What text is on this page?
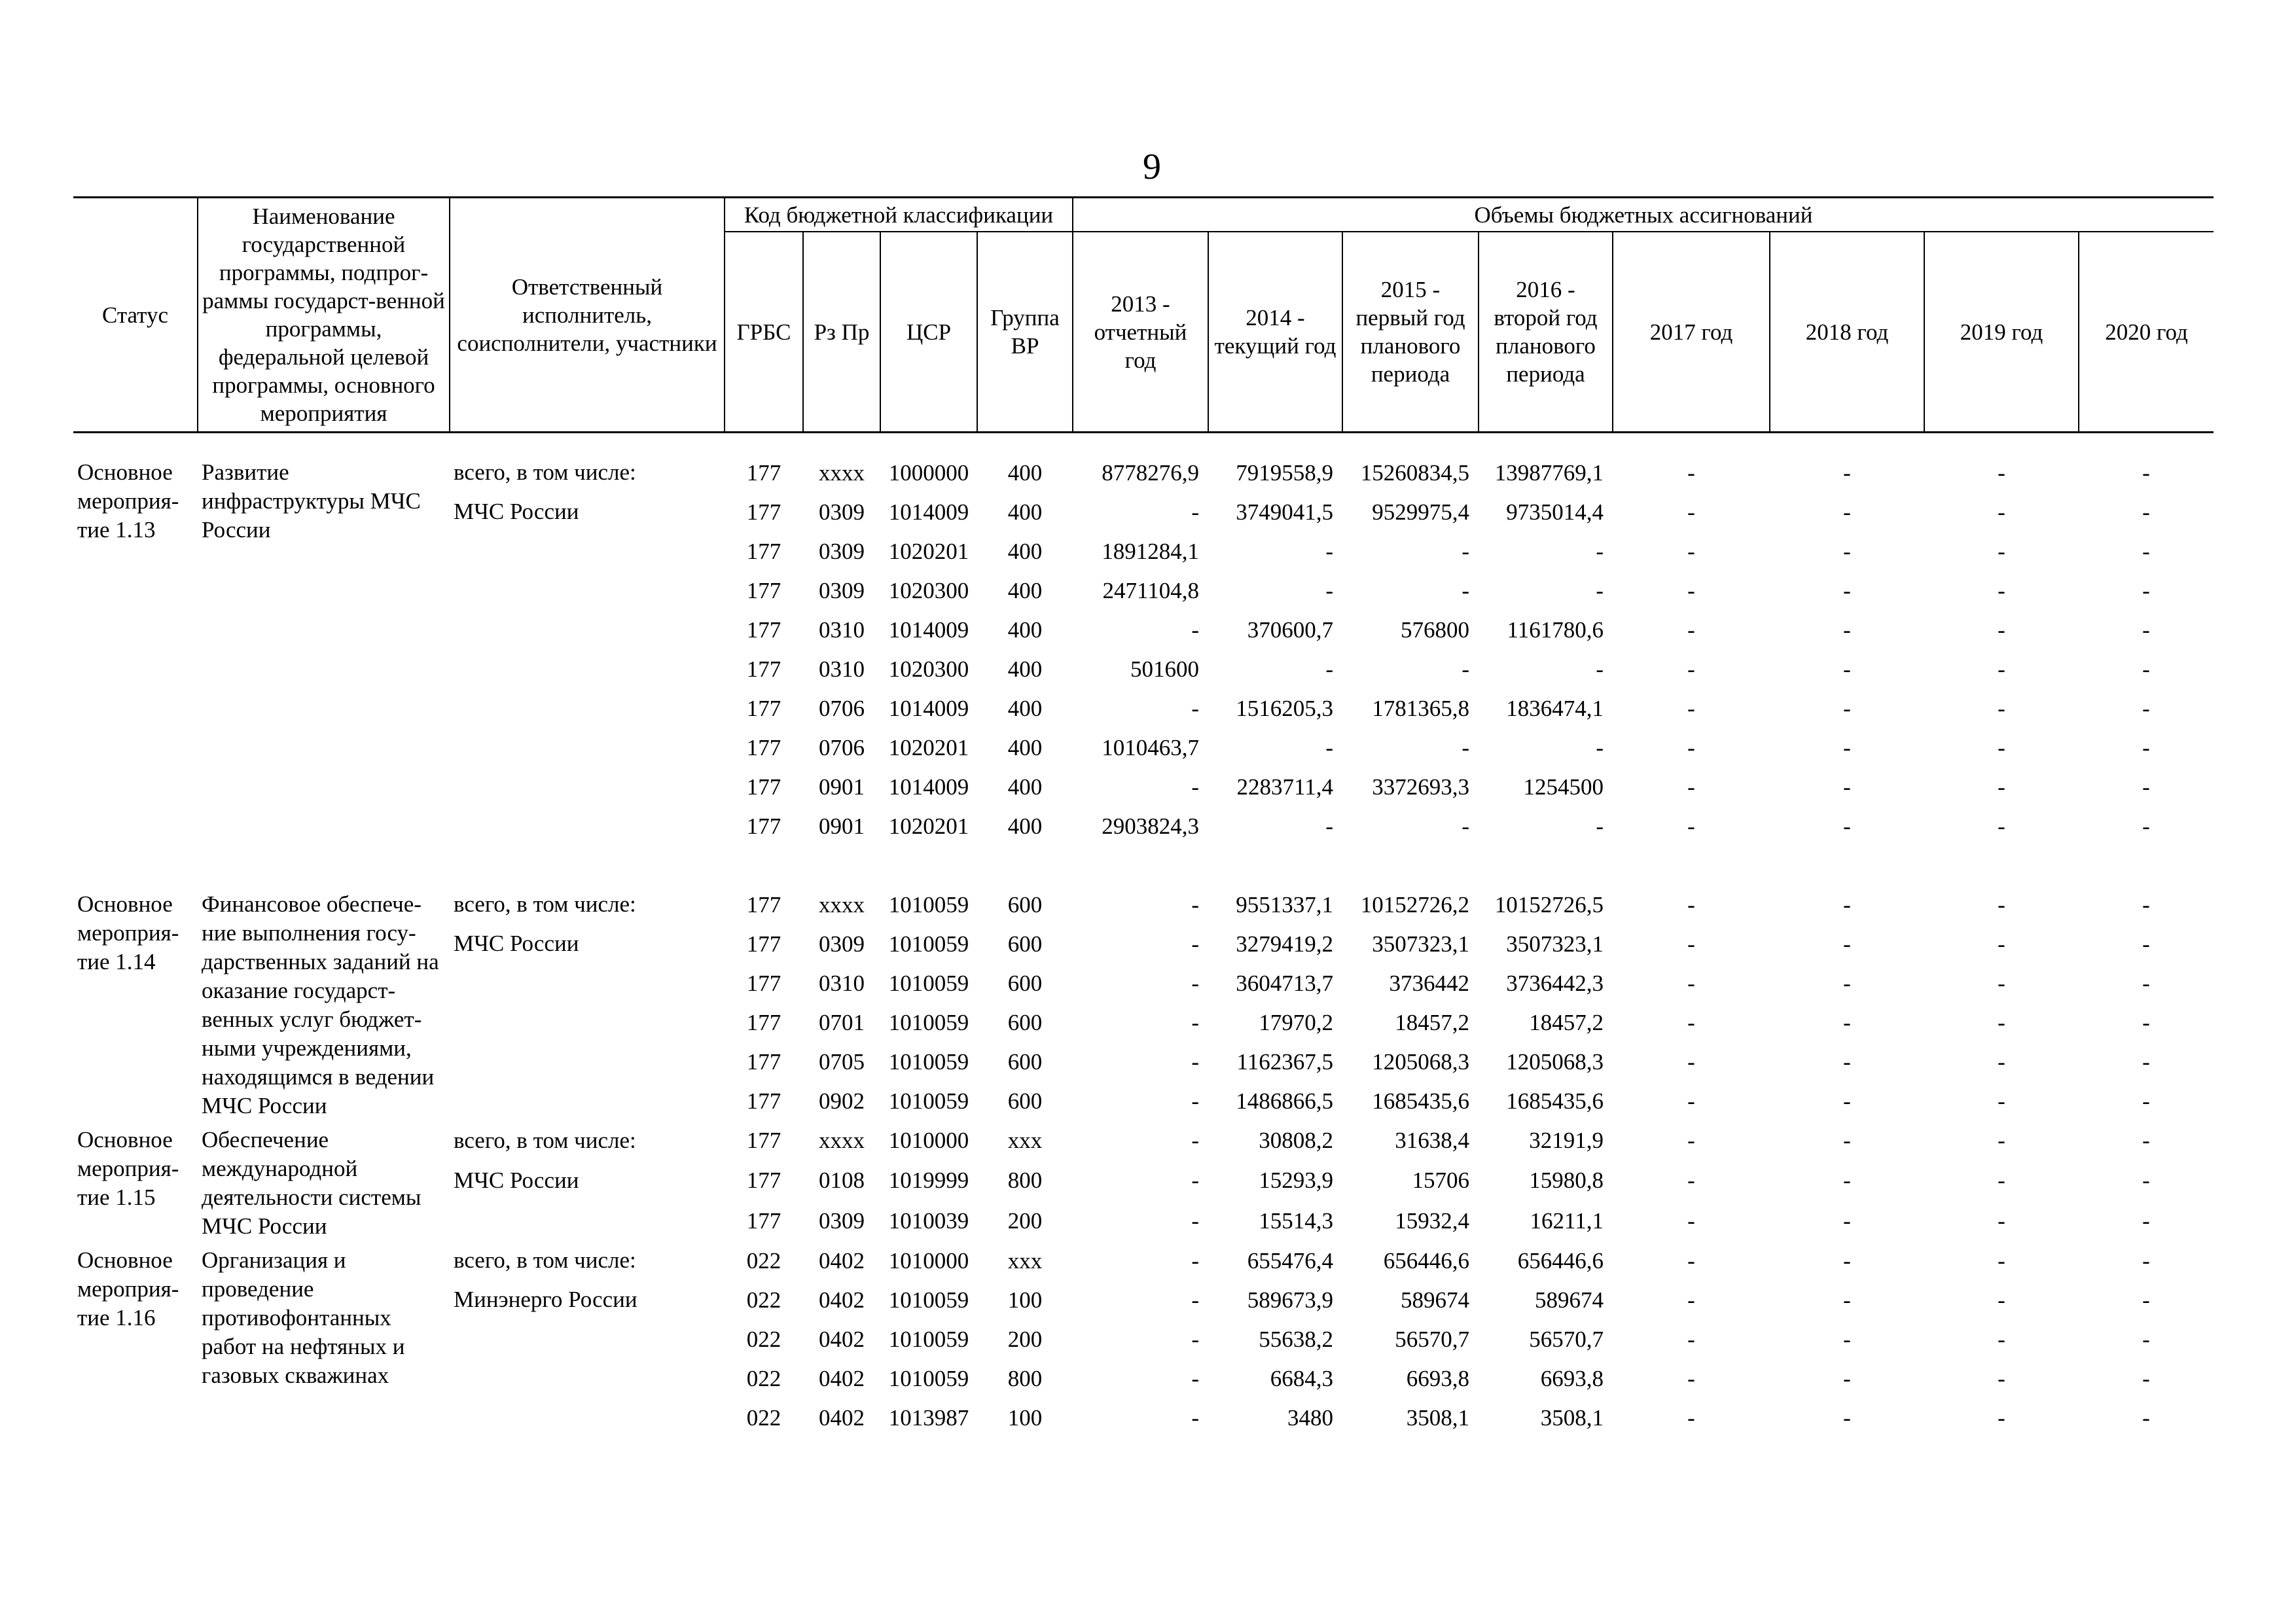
9
Статус	Наименование государственной программы, подпрог-раммы государст-венной программы, федеральной целевой программы, основного мероприятия	Ответственный исполнитель, соисполнители, участники	Код бюджетной классификации				Объемы бюджетных ассигнований							
			ГРБС	Рз Пр	ЦСР	Группа ВР	2013 - отчетный год	2014 - текущий год	2015 - первый год планового периода	2016 - второй год планового периода	2017 год	2018 год	2019 год	2020 год

Основное мероприя-тие 1.13	Развитие инфраструктуры МЧС России	всего, в том числе:	177	хххх	1000000	400	8778276,9	7919558,9	15260834,5	13987769,1	-	-	-	-
		МЧС России	177	0309	1014009	400	-	3749041,5	9529975,4	9735014,4	-	-	-	-
			177	0309	1020201	400	1891284,1	-	-	-	-	-	-	-
			177	0309	1020300	400	2471104,8	-	-	-	-	-	-	-
			177	0310	1014009	400	-	370600,7	576800	1161780,6	-	-	-	-
			177	0310	1020300	400	501600	-	-	-	-	-	-	-
			177	0706	1014009	400	-	1516205,3	1781365,8	1836474,1	-	-	-	-
			177	0706	1020201	400	1010463,7	-	-	-	-	-	-	-
			177	0901	1014009	400	-	2283711,4	3372693,3	1254500	-	-	-	-
			177	0901	1020201	400	2903824,3	-	-	-	-	-	-	-

Основное мероприя-тие 1.14	Финансовое обеспече-ние выполнения госу-дарственных заданий на оказание государст-венных услуг бюджет-ными учреждениями, находящимся в ведении МЧС России	всего, в том числе:	177	хххх	1010059	600	-	9551337,1	10152726,2	10152726,5	-	-	-	-
		МЧС России	177	0309	1010059	600	-	3279419,2	3507323,1	3507323,1	-	-	-	-
			177	0310	1010059	600	-	3604713,7	3736442	3736442,3	-	-	-	-
			177	0701	1010059	600	-	17970,2	18457,2	18457,2	-	-	-	-
			177	0705	1010059	600	-	1162367,5	1205068,3	1205068,3	-	-	-	-
			177	0902	1010059	600	-	1486866,5	1685435,6	1685435,6	-	-	-	-
Основное мероприя-тие 1.15	Обеспечение международной деятельности системы МЧС России	всего, в том числе:	177	хххх	1010000	ххх	-	30808,2	31638,4	32191,9	-	-	-	-
		МЧС России	177	0108	1019999	800	-	15293,9	15706	15980,8	-	-	-	-
			177	0309	1010039	200	-	15514,3	15932,4	16211,1	-	-	-	-
Основное мероприя-тие 1.16	Организация и проведение противофонтанных работ на нефтяных и газовых скважинах	всего, в том числе:	022	0402	1010000	ххх	-	655476,4	656446,6	656446,6	-	-	-	-
		Минэнерго России	022	0402	1010059	100	-	589673,9	589674	589674	-	-	-	-
			022	0402	1010059	200	-	55638,2	56570,7	56570,7	-	-	-	-
			022	0402	1010059	800	-	6684,3	6693,8	6693,8	-	-	-	-
			022	0402	1013987	100	-	3480	3508,1	3508,1	-	-	-	-
